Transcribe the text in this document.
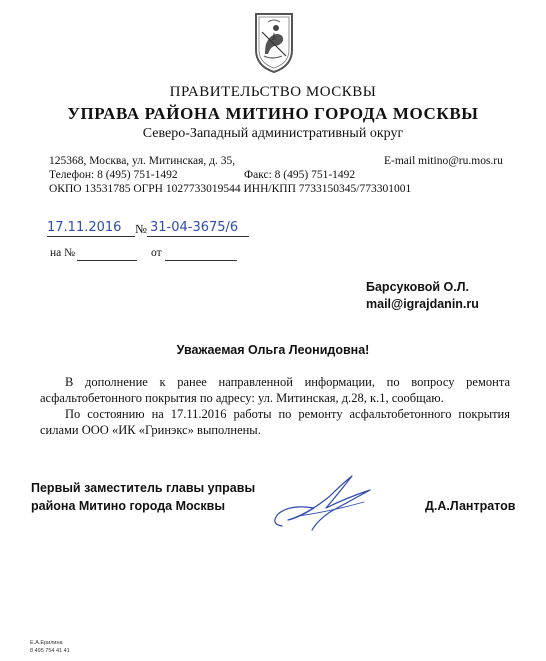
ПРАВИТЕЛЬСТВО МОСКВЫ
УПРАВА РАЙОНА МИТИНО ГОРОДА МОСКВЫ
Северо-Западный административный округ
125368, Москва, ул. Митинская, д. 35,	E-mail mitino@ru.mos.ru
Телефон: 8 (495) 751-1492	Факс: 8 (495) 751-1492
ОКПО 13531785 ОГРН 1027733019544 ИНН/КПП 7733150345/773301001
17.11.2016 № 31-04-3675/6
на №	от
Барсуковой О.Л.
mail@igrajdanin.ru
Уважаемая Ольга Леонидовна!
В дополнение к ранее направленной информации, по вопросу ремонта
асфальтобетонного покрытия по адресу: ул. Митинская, д.28, к.1, сообщаю.
По состоянию на 17.11.2016 работы по ремонту асфальтобетонного покрытия
силами ООО «ИК «Гринэкс» выполнены.
Первый заместитель главы управы
района Митино города Москвы	Д.А.Лантратов
Е.А.Ерилина
8 495 754 41 41
